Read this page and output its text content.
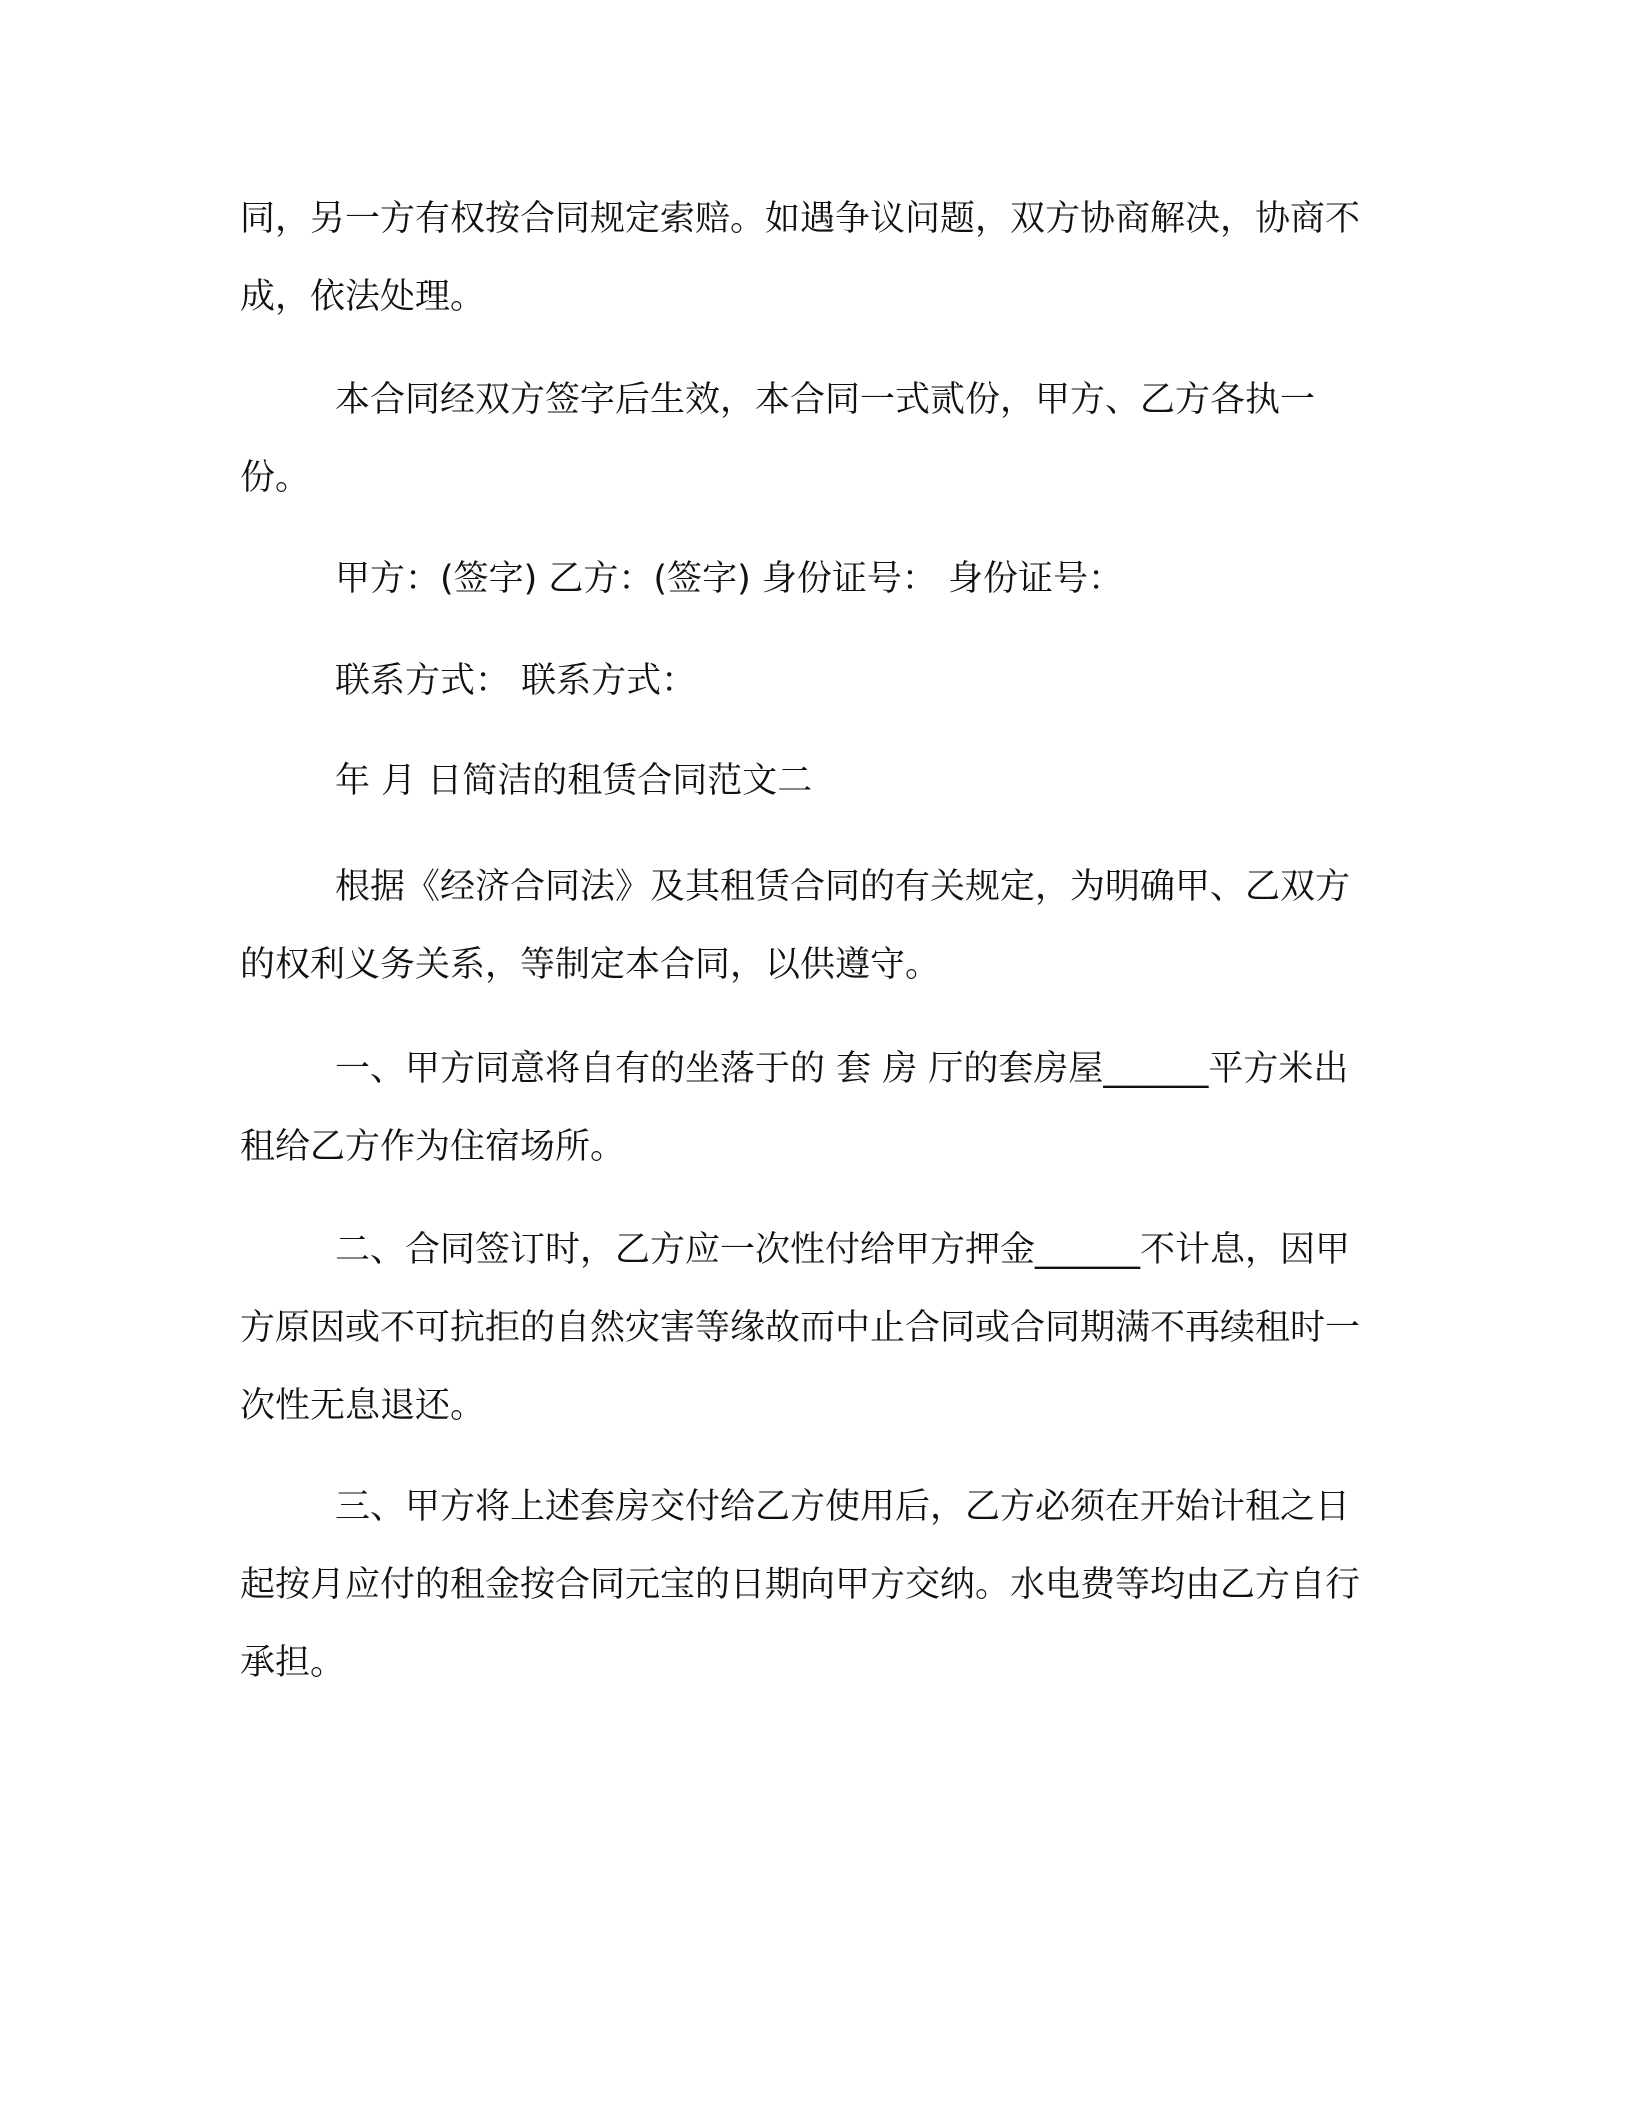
同，另一方有权按合同规定索赔。如遇争议问题，双方协商解决，协商不成，依法处理。
本合同经双方签字后生效，本合同一式贰份，甲方、乙方各执一份。
甲方：(签字) 乙方：(签字) 身份证号： 身份证号：
联系方式： 联系方式：
年 月 日简洁的租赁合同范文二
根据《经济合同法》及其租赁合同的有关规定，为明确甲、乙双方的权利义务关系，等制定本合同，以供遵守。
一、甲方同意将自有的坐落于的 套 房 厅的套房屋______平方米出租给乙方作为住宿场所。
二、合同签订时，乙方应一次性付给甲方押金______不计息，因甲方原因或不可抗拒的自然灾害等缘故而中止合同或合同期满不再续租时一次性无息退还。
三、甲方将上述套房交付给乙方使用后，乙方必须在开始计租之日起按月应付的租金按合同元宝的日期向甲方交纳。水电费等均由乙方自行承担。
